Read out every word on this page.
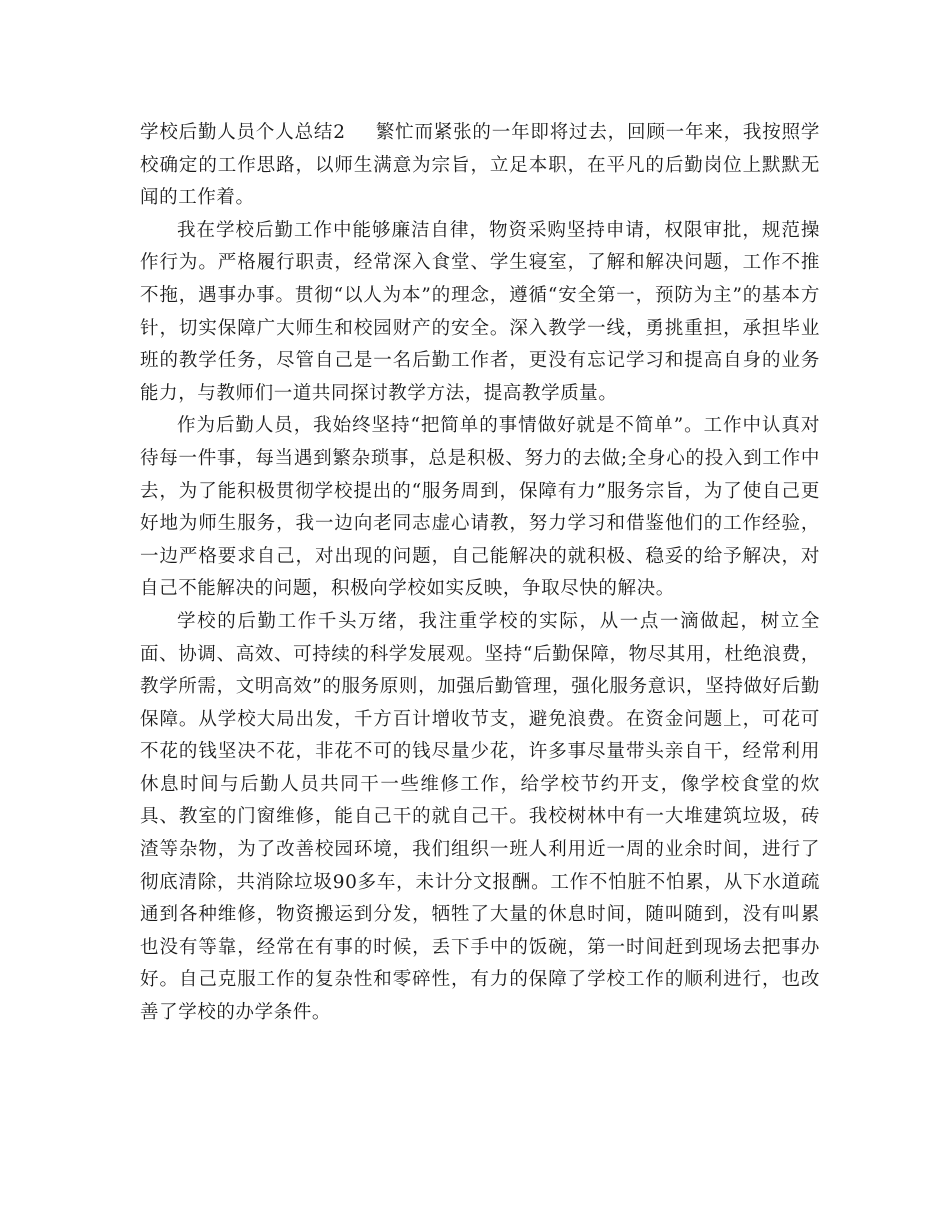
学校后勤人员个人总结2 繁忙而紧张的一年即将过去，回顾一年来，我按照学校确定的工作思路，以师生满意为宗旨，立足本职，在平凡的后勤岗位上默默无闻的工作着。

我在学校后勤工作中能够廉洁自律，物资采购坚持申请，权限审批，规范操作行为。严格履行职责，经常深入食堂、学生寝室，了解和解决问题，工作不推不拖，遇事办事。贯彻“以人为本”的理念，遵循“安全第一，预防为主”的基本方针，切实保障广大师生和校园财产的安全。深入教学一线，勇挑重担，承担毕业班的教学任务，尽管自己是一名后勤工作者，更没有忘记学习和提高自身的业务能力，与教师们一道共同探讨教学方法，提高教学质量。

作为后勤人员，我始终坚持“把简单的事情做好就是不简单”。工作中认真对待每一件事，每当遇到繁杂琐事，总是积极、努力的去做;全身心的投入到工作中去，为了能积极贯彻学校提出的“服务周到，保障有力”服务宗旨，为了使自己更好地为师生服务，我一边向老同志虚心请教，努力学习和借鉴他们的工作经验，一边严格要求自己，对出现的问题，自己能解决的就积极、稳妥的给予解决，对自己不能解决的问题，积极向学校如实反映，争取尽快的解决。

学校的后勤工作千头万绪，我注重学校的实际，从一点一滴做起，树立全面、协调、高效、可持续的科学发展观。坚持“后勤保障，物尽其用，杜绝浪费，教学所需，文明高效”的服务原则，加强后勤管理，强化服务意识，坚持做好后勤保障。从学校大局出发，千方百计增收节支，避免浪费。在资金问题上，可花可不花的钱坚决不花，非花不可的钱尽量少花，许多事尽量带头亲自干，经常利用休息时间与后勤人员共同干一些维修工作，给学校节约开支，像学校食堂的炊具、教室的门窗维修，能自己干的就自己干。我校树林中有一大堆建筑垃圾，砖渣等杂物，为了改善校园环境，我们组织一班人利用近一周的业余时间，进行了彻底清除，共消除垃圾90多车，未计分文报酬。工作不怕脏不怕累，从下水道疏通到各种维修，物资搬运到分发，牺牲了大量的休息时间，随叫随到，没有叫累也没有等靠，经常在有事的时候，丢下手中的饭碗，第一时间赶到现场去把事办好。自己克服工作的复杂性和零碎性，有力的保障了学校工作的顺利进行，也改善了学校的办学条件。
